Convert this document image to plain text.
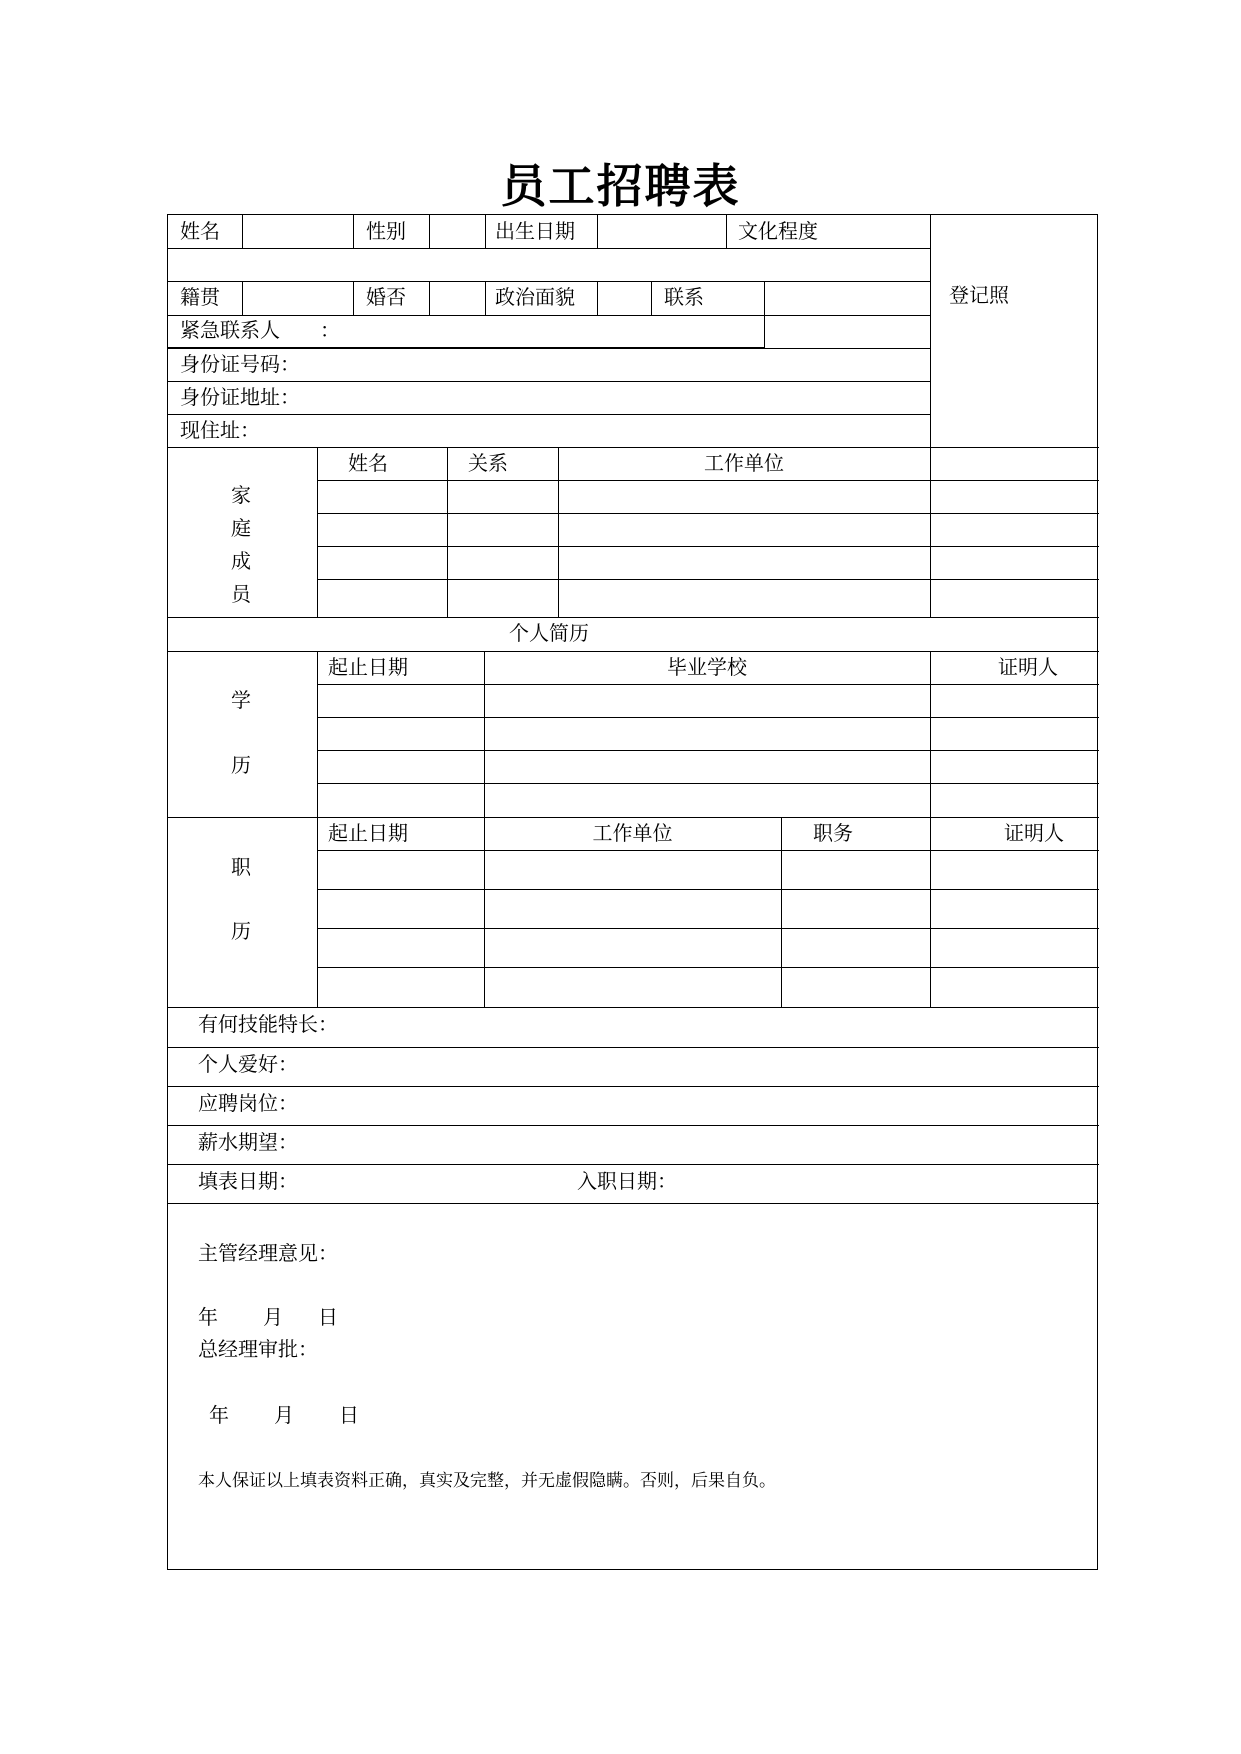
员工招聘表
姓名	性别	出生日期	文化程度
籍贯	婚否	政治面貌	联系	登记照
紧急联系人 ：
身份证号码：
身份证地址：
现住址：
家
庭
成
员
姓名	关系	工作单位
个人简历
学
历
起止日期	毕业学校	证明人
职
历
起止日期	工作单位	职务	证明人
有何技能特长：
个人爱好：
应聘岗位：
薪水期望：
填表日期：	入职日期：
主管经理意见：
年 月 日
总经理审批：
年 月 日
本人保证以上填表资料正确，真实及完整，并无虚假隐瞒。否则，后果自负。
